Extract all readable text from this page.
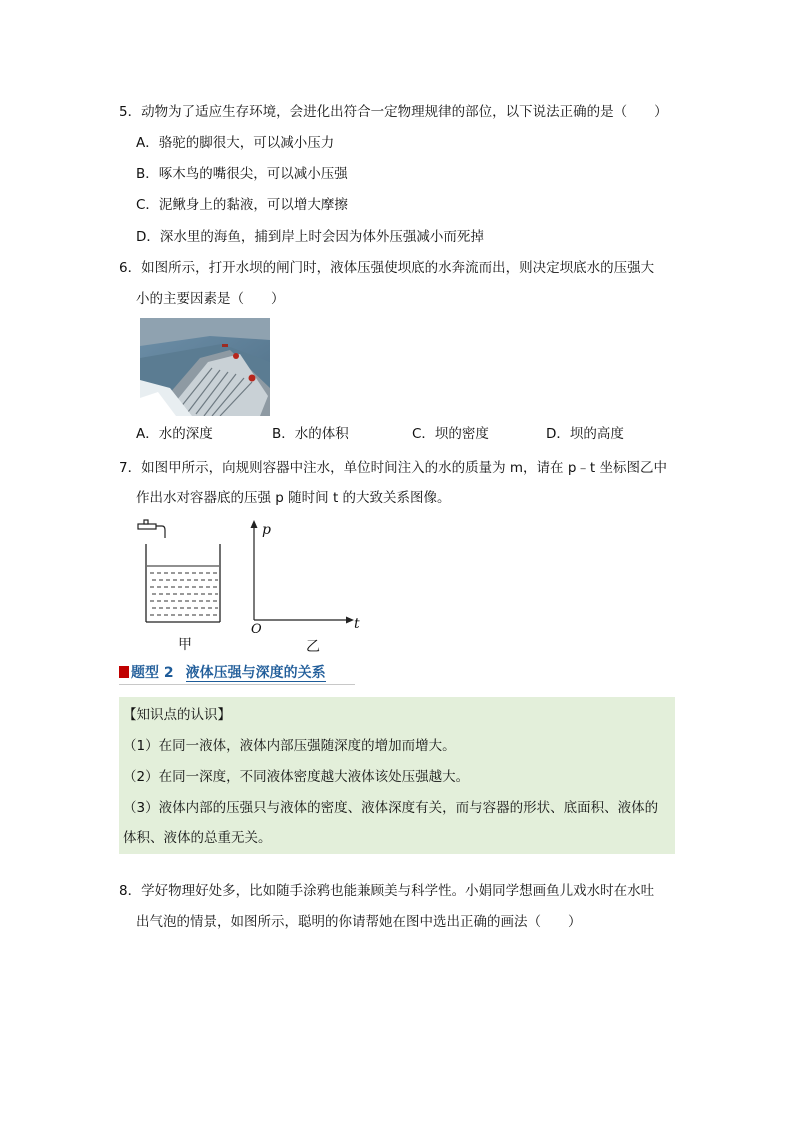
5．动物为了适应生存环境，会进化出符合一定物理规律的部位，以下说法正确的是（　　）
A．骆驼的脚很大，可以减小压力
B．啄木鸟的嘴很尖，可以减小压强
C．泥鳅身上的黏液，可以增大摩擦
D．深水里的海鱼，捕到岸上时会因为体外压强减小而死掉
6．如图所示，打开水坝的闸门时，液体压强使坝底的水奔流而出，则决定坝底水的压强大
小的主要因素是（　　）
A．水的深度	B．水的体积	C．坝的密度	D．坝的高度
7．如图甲所示，向规则容器中注水，单位时间注入的水的质量为 m，请在 p﹣t 坐标图乙中
作出水对容器底的压强 p 随时间 t 的大致关系图像。
甲	乙
p
t
O
题型 2 液体压强与深度的关系
【知识点的认识】
（1）在同一液体，液体内部压强随深度的增加而增大。
（2）在同一深度，不同液体密度越大液体该处压强越大。
（3）液体内部的压强只与液体的密度、液体深度有关，而与容器的形状、底面积、液体的
体积、液体的总重无关。
8．学好物理好处多，比如随手涂鸦也能兼顾美与科学性。小娟同学想画鱼儿戏水时在水吐
出气泡的情景，如图所示，聪明的你请帮她在图中选出正确的画法（　　）
